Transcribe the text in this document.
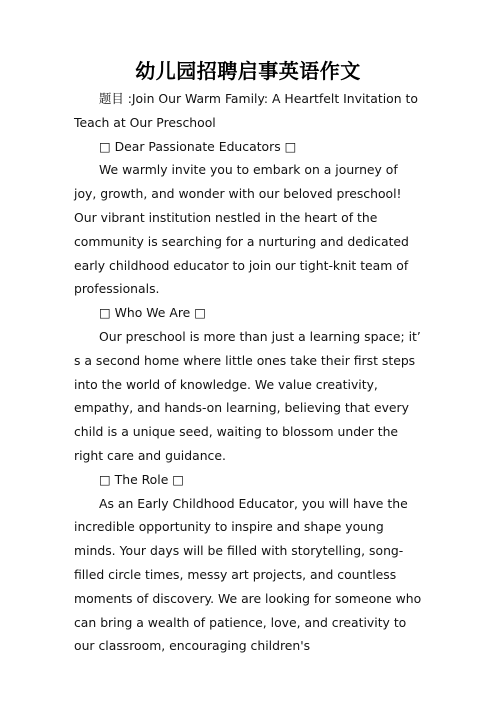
幼儿园招聘启事英语作文

题目 :Join Our Warm Family: A Heartfelt Invitation to Teach at Our Preschool

□ Dear Passionate Educators □

We warmly invite you to embark on a journey of joy, growth, and wonder with our beloved preschool! Our vibrant institution nestled in the heart of the community is searching for a nurturing and dedicated early childhood educator to join our tight-knit team of professionals.

□ Who We Are □

Our preschool is more than just a learning space; it’ s a second home where little ones take their first steps into the world of knowledge. We value creativity, empathy, and hands-on learning, believing that every child is a unique seed, waiting to blossom under the right care and guidance.

□ The Role □

As an Early Childhood Educator, you will have the incredible opportunity to inspire and shape young minds. Your days will be filled with storytelling, song-filled circle times, messy art projects, and countless moments of discovery. We are looking for someone who can bring a wealth of patience, love, and creativity to our classroom, encouraging children's
